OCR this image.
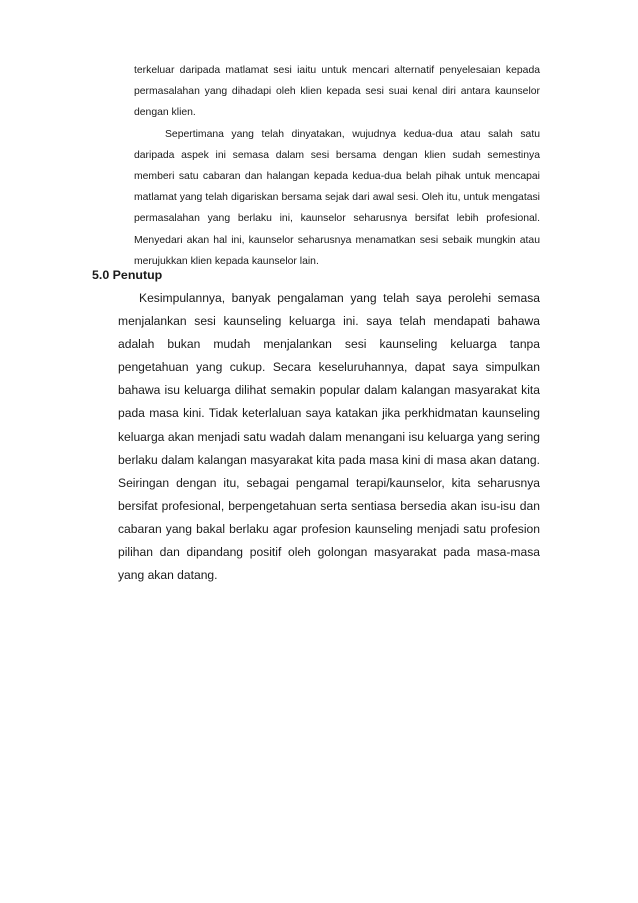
terkeluar daripada matlamat sesi iaitu untuk mencari alternatif penyelesaian kepada permasalahan yang dihadapi oleh klien kepada sesi suai kenal diri antara kaunselor dengan klien.

Sepertimana yang telah dinyatakan, wujudnya kedua-dua atau salah satu daripada aspek ini semasa dalam sesi bersama dengan klien sudah semestinya memberi satu cabaran dan halangan kepada kedua-dua belah pihak untuk mencapai matlamat yang telah digariskan bersama sejak dari awal sesi. Oleh itu, untuk mengatasi permasalahan yang berlaku ini, kaunselor seharusnya bersifat lebih profesional. Menyedari akan hal ini, kaunselor seharusnya menamatkan sesi sebaik mungkin atau merujukkan klien kepada kaunselor lain.

5.0 Penutup

Kesimpulannya, banyak pengalaman yang telah saya perolehi semasa menjalankan sesi kaunseling keluarga ini. saya telah mendapati bahawa adalah bukan mudah menjalankan sesi kaunseling keluarga tanpa pengetahuan yang cukup. Secara keseluruhannya, dapat saya simpulkan bahawa isu keluarga dilihat semakin popular dalam kalangan masyarakat kita pada masa kini. Tidak keterlaluan saya katakan jika perkhidmatan kaunseling keluarga akan menjadi satu wadah dalam menangani isu keluarga yang sering berlaku dalam kalangan masyarakat kita pada masa kini di masa akan datang. Seiringan dengan itu, sebagai pengamal terapi/kaunselor, kita seharusnya bersifat profesional, berpengetahuan serta sentiasa bersedia akan isu-isu dan cabaran yang bakal berlaku agar profesion kaunseling menjadi satu profesion pilihan dan dipandang positif oleh golongan masyarakat pada masa-masa yang akan datang.
